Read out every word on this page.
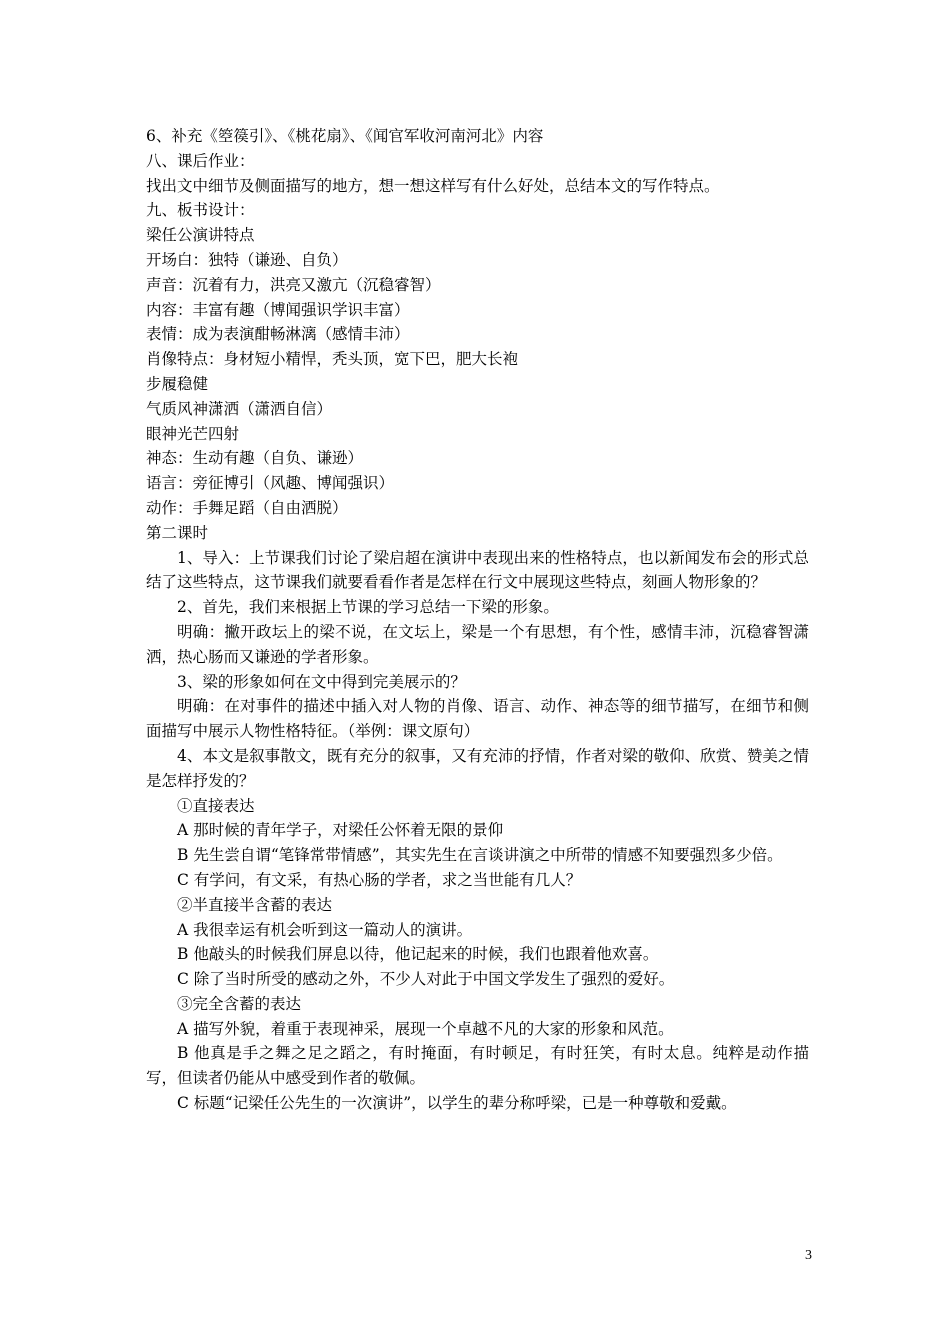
6、补充《箜篌引》、《桃花扇》、《闻官军收河南河北》内容

八、课后作业：

找出文中细节及侧面描写的地方，想一想这样写有什么好处，总结本文的写作特点。

九、板书设计：

梁任公演讲特点

开场白：独特（谦逊、自负）

声音：沉着有力，洪亮又激亢（沉稳睿智）

内容：丰富有趣（博闻强识学识丰富）

表情：成为表演酣畅淋漓（感情丰沛）

肖像特点：身材短小精悍，秃头顶，宽下巴，肥大长袍

步履稳健

气质风神潇洒（潇洒自信）

眼神光芒四射

神态：生动有趣（自负、谦逊）

语言：旁征博引（风趣、博闻强识）

动作：手舞足蹈（自由洒脱）

第二课时

1、导入：上节课我们讨论了梁启超在演讲中表现出来的性格特点，也以新闻发布会的形式总结了这些特点，这节课我们就要看看作者是怎样在行文中展现这些特点，刻画人物形象的？

2、首先，我们来根据上节课的学习总结一下梁的形象。

明确：撇开政坛上的梁不说，在文坛上，梁是一个有思想，有个性，感情丰沛，沉稳睿智潇洒，热心肠而又谦逊的学者形象。

3、梁的形象如何在文中得到完美展示的？

明确：在对事件的描述中插入对人物的肖像、语言、动作、神态等的细节描写，在细节和侧面描写中展示人物性格特征。（举例：课文原句）

4、本文是叙事散文，既有充分的叙事，又有充沛的抒情，作者对梁的敬仰、欣赏、赞美之情是怎样抒发的？

①直接表达

A 那时候的青年学子，对梁任公怀着无限的景仰

B 先生尝自谓“笔锋常带情感”，其实先生在言谈讲演之中所带的情感不知要强烈多少倍。

C 有学问，有文采，有热心肠的学者，求之当世能有几人？

②半直接半含蓄的表达

A 我很幸运有机会听到这一篇动人的演讲。

B 他敲头的时候我们屏息以待，他记起来的时候，我们也跟着他欢喜。

C 除了当时所受的感动之外，不少人对此于中国文学发生了强烈的爱好。

③完全含蓄的表达

A 描写外貌，着重于表现神采，展现一个卓越不凡的大家的形象和风范。

B 他真是手之舞之足之蹈之，有时掩面，有时顿足，有时狂笑，有时太息。纯粹是动作描写，但读者仍能从中感受到作者的敬佩。

C 标题“记梁任公先生的一次演讲”，以学生的辈分称呼梁，已是一种尊敬和爱戴。

3
